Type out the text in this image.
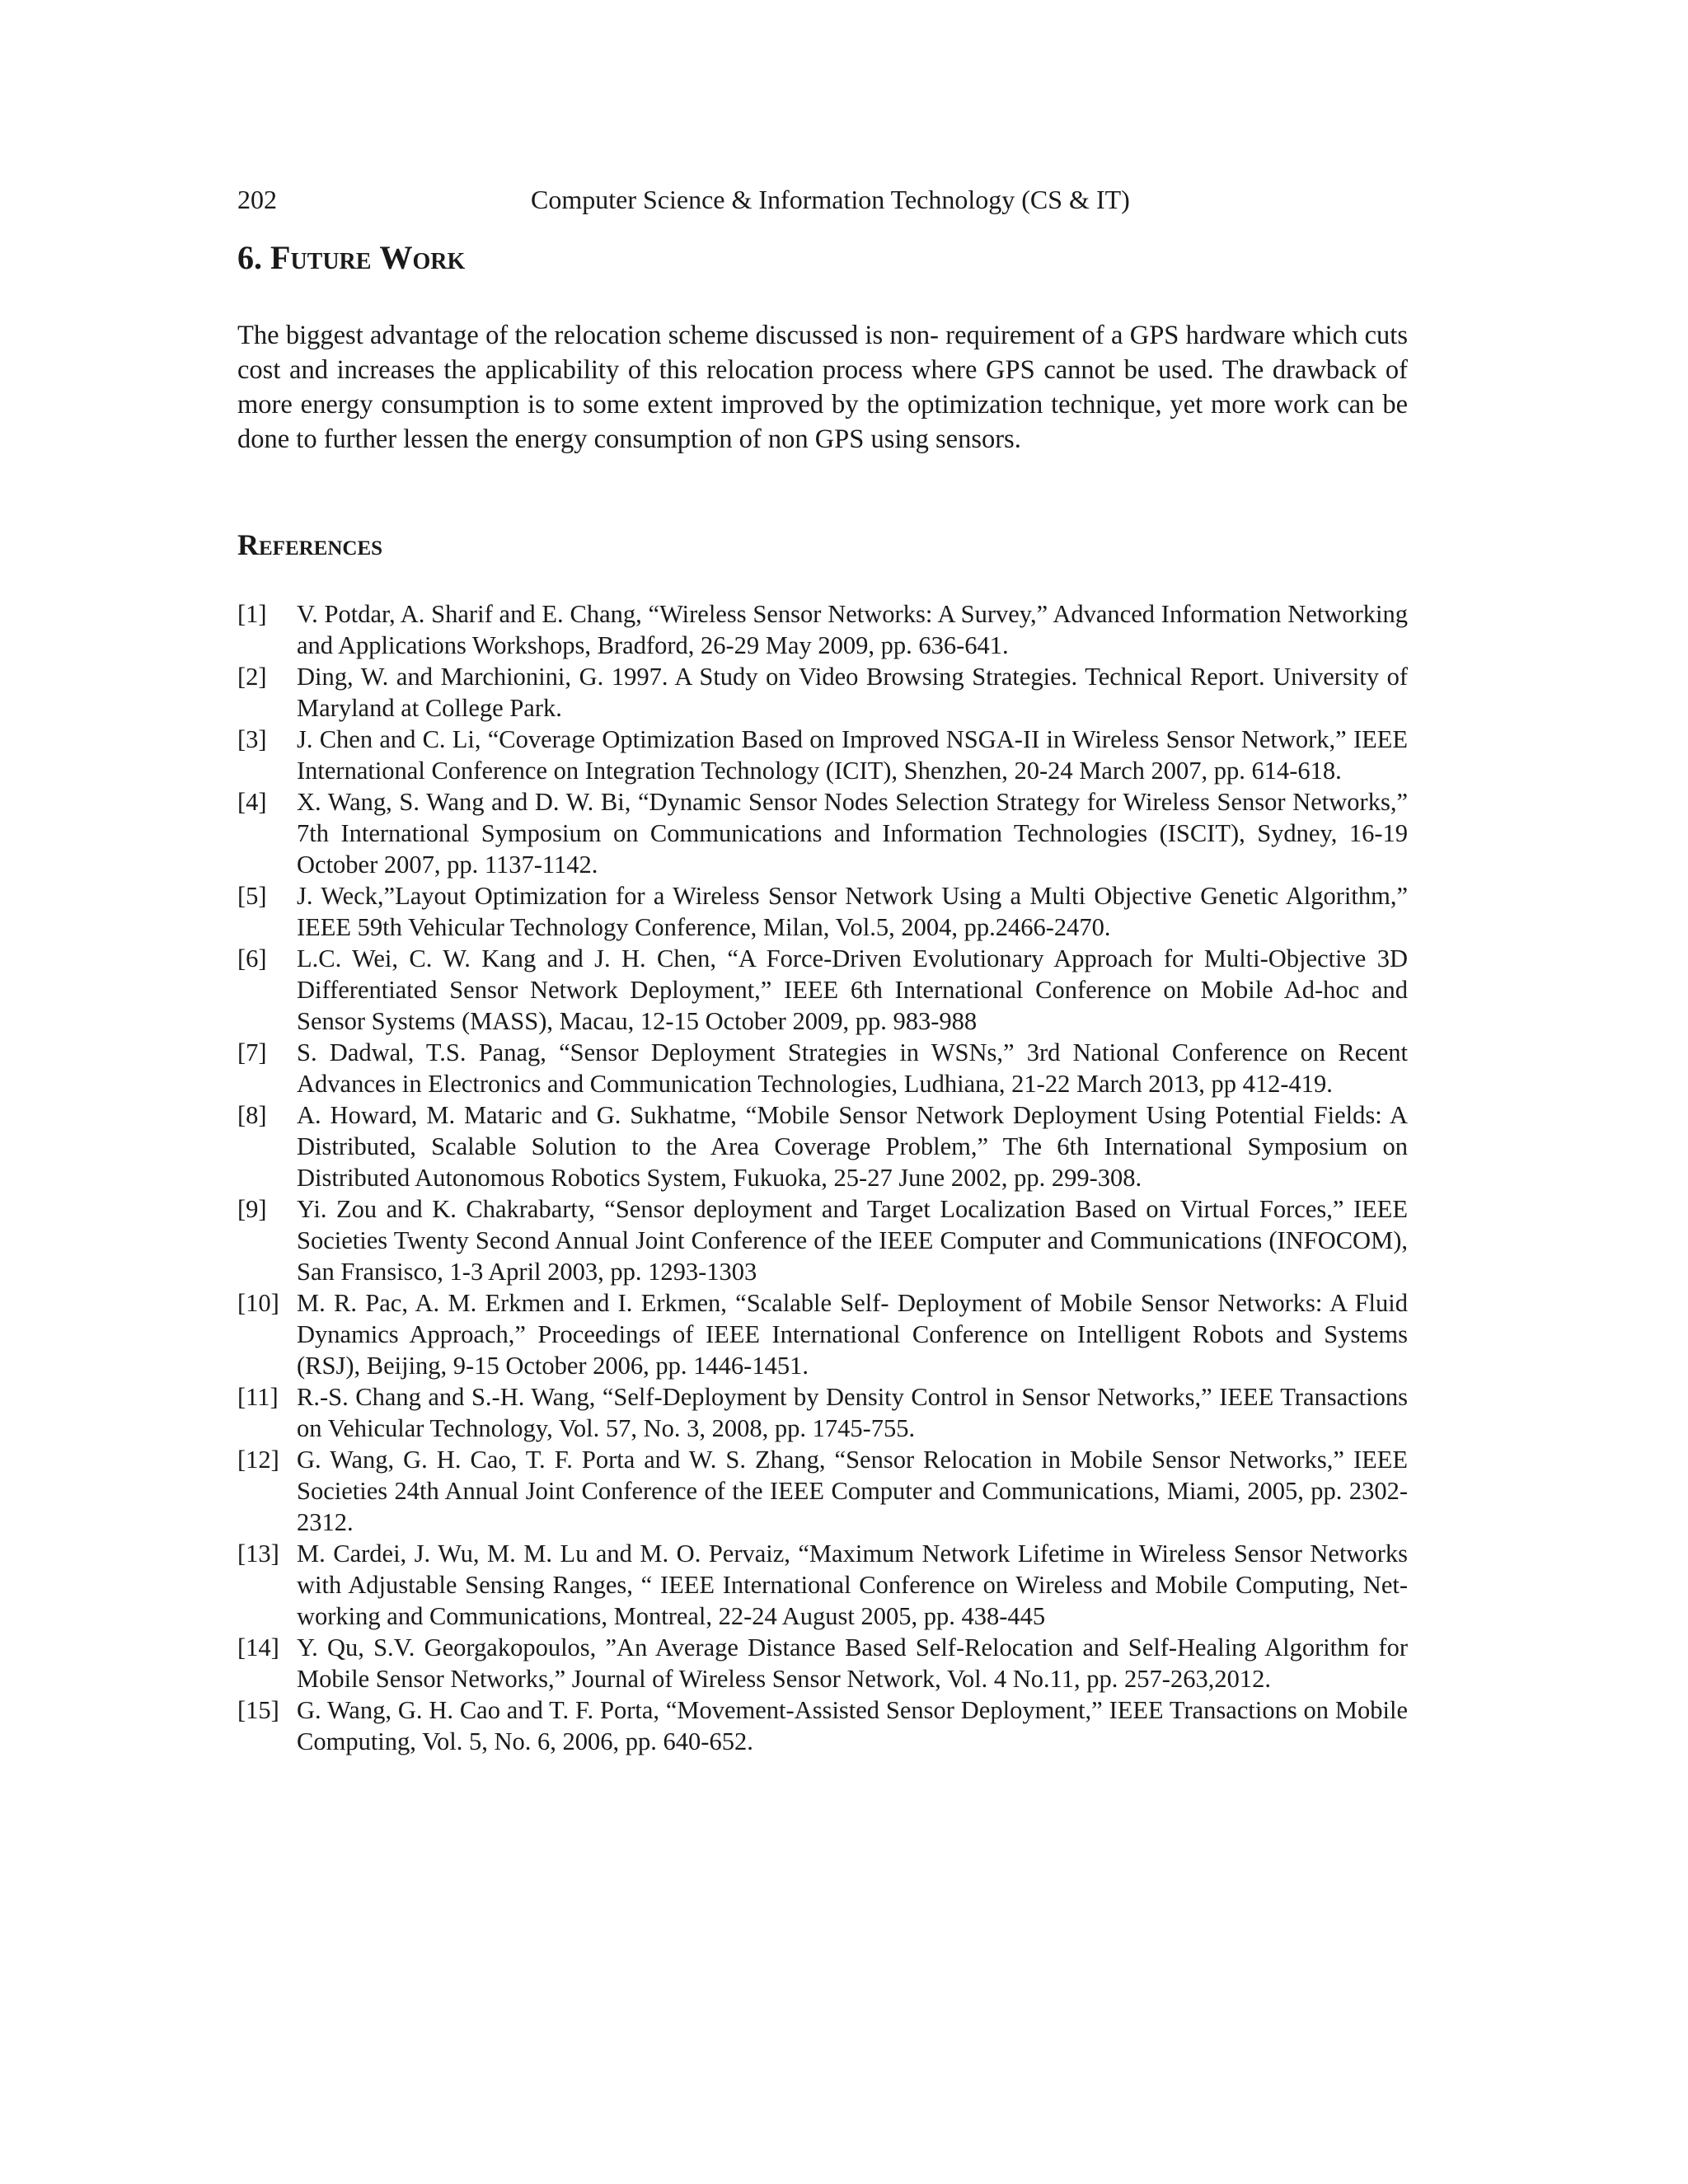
202	Computer Science & Information Technology (CS & IT)
6. Future Work

The biggest advantage of the relocation scheme discussed is non- requirement of a GPS hardware which cuts cost and increases the applicability of this relocation process where GPS cannot be used. The drawback of more energy consumption is to some extent improved by the optimization technique, yet more work can be done to further lessen the energy consumption of non GPS using sensors.

References
[1] V. Potdar, A. Sharif and E. Chang, “Wireless Sensor Networks: A Survey,” Advanced Information Networking and Applications Workshops, Bradford, 26-29 May 2009, pp. 636-641.
[2] Ding, W. and Marchionini, G. 1997. A Study on Video Browsing Strategies. Technical Report. University of Maryland at College Park.
[3] J. Chen and C. Li, “Coverage Optimization Based on Improved NSGA-II in Wireless Sensor Network,” IEEE International Conference on Integration Technology (ICIT), Shenzhen, 20-24 March 2007, pp. 614-618.
[4] X. Wang, S. Wang and D. W. Bi, “Dynamic Sensor Nodes Selection Strategy for Wireless Sensor Networks,” 7th International Symposium on Communications and Information Technologies (ISCIT), Sydney, 16-19 October 2007, pp. 1137-1142.
[5] J. Weck,”Layout Optimization for a Wireless Sensor Network Using a Multi Objective Genetic Algorithm,” IEEE 59th Vehicular Technology Conference, Milan, Vol.5, 2004, pp.2466-2470.
[6] L.C. Wei, C. W. Kang and J. H. Chen, “A Force-Driven Evolutionary Approach for Multi-Objective 3D Differentiated Sensor Network Deployment,” IEEE 6th International Conference on Mobile Ad-hoc and Sensor Systems (MASS), Macau, 12-15 October 2009, pp. 983-988
[7] S. Dadwal, T.S. Panag, “Sensor Deployment Strategies in WSNs,” 3rd National Conference on Recent Advances in Electronics and Communication Technologies, Ludhiana, 21-22 March 2013, pp 412-419.
[8] A. Howard, M. Mataric and G. Sukhatme, “Mobile Sensor Network Deployment Using Potential Fields: A Distributed, Scalable Solution to the Area Coverage Problem,” The 6th International Symposium on Distributed Autonomous Robotics System, Fukuoka, 25-27 June 2002, pp. 299-308.
[9] Yi. Zou and K. Chakrabarty, “Sensor deployment and Target Localization Based on Virtual Forces,” IEEE Societies Twenty Second Annual Joint Conference of the IEEE Computer and Communications (INFOCOM), San Fransisco, 1-3 April 2003, pp. 1293-1303
[10] M. R. Pac, A. M. Erkmen and I. Erkmen, “Scalable Self- Deployment of Mobile Sensor Networks: A Fluid Dynamics Approach,” Proceedings of IEEE International Conference on Intelligent Robots and Systems (RSJ), Beijing, 9-15 October 2006, pp. 1446-1451.
[11] R.-S. Chang and S.-H. Wang, “Self-Deployment by Density Control in Sensor Networks,” IEEE Transactions on Vehicular Technology, Vol. 57, No. 3, 2008, pp. 1745-755.
[12] G. Wang, G. H. Cao, T. F. Porta and W. S. Zhang, “Sensor Relocation in Mobile Sensor Networks,” IEEE Societies 24th Annual Joint Conference of the IEEE Computer and Communications, Miami, 2005, pp. 2302-2312.
[13] M. Cardei, J. Wu, M. M. Lu and M. O. Pervaiz, “Maximum Network Lifetime in Wireless Sensor Networks with Adjustable Sensing Ranges, “ IEEE International Conference on Wireless and Mobile Computing, Net- working and Communications, Montreal, 22-24 August 2005, pp. 438-445
[14] Y. Qu, S.V. Georgakopoulos, ”An Average Distance Based Self-Relocation and Self-Healing Algorithm for Mobile Sensor Networks,” Journal of Wireless Sensor Network, Vol. 4 No.11, pp. 257-263,2012.
[15] G. Wang, G. H. Cao and T. F. Porta, “Movement-Assisted Sensor Deployment,” IEEE Transactions on Mobile Computing, Vol. 5, No. 6, 2006, pp. 640-652.
